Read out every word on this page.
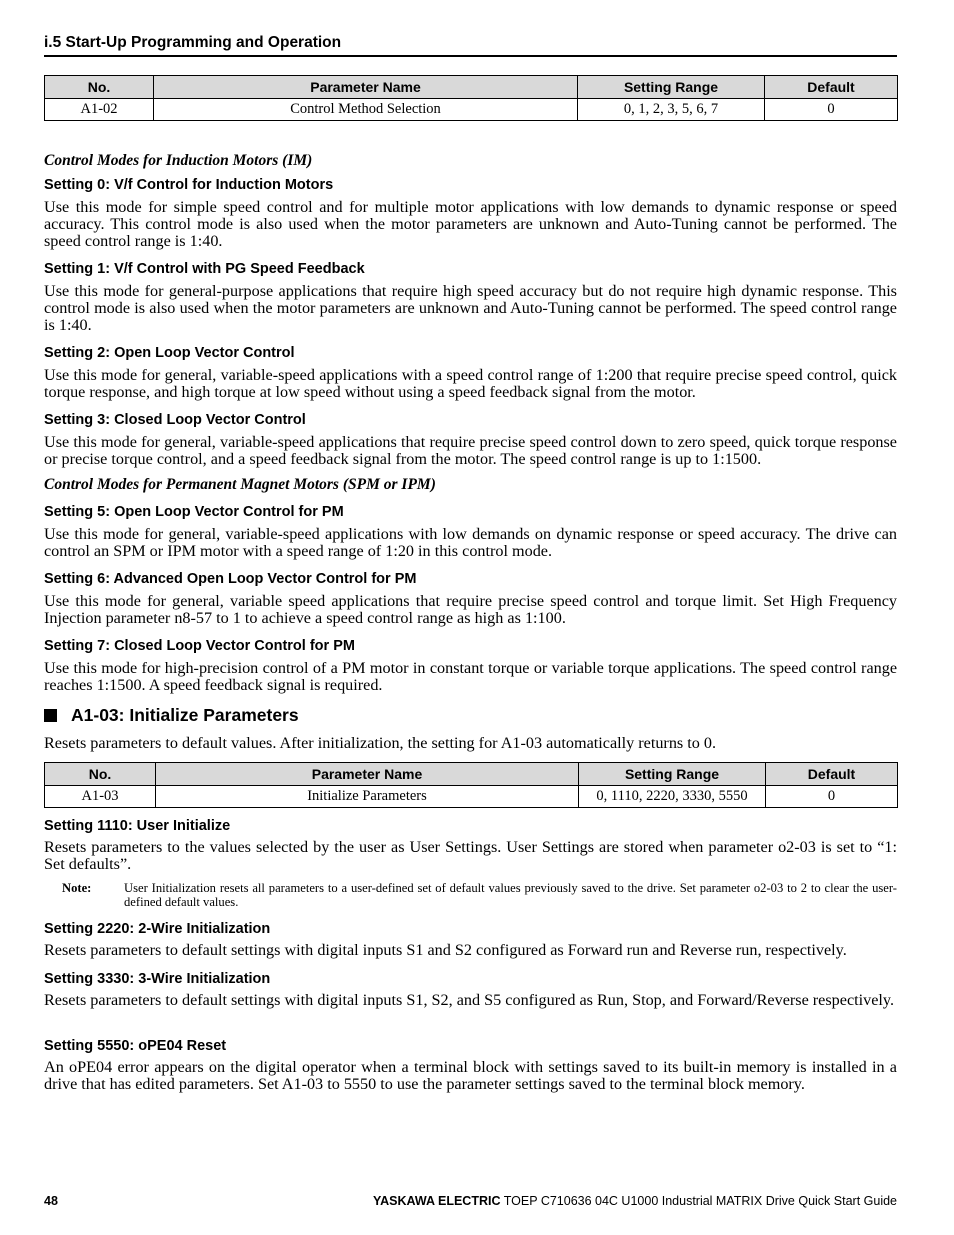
i.5 Start-Up Programming and Operation
No.	Parameter Name	Setting Range	Default
A1-02	Control Method Selection	0, 1, 2, 3, 5, 6, 7	0
Control Modes for Induction Motors (IM)
Setting 0: V/f Control for Induction Motors
Use this mode for simple speed control and for multiple motor applications with low demands to dynamic response or speed accuracy. This control mode is also used when the motor parameters are unknown and Auto-Tuning cannot be performed. The speed control range is 1:40.
Setting 1: V/f Control with PG Speed Feedback
Use this mode for general-purpose applications that require high speed accuracy but do not require high dynamic response. This control mode is also used when the motor parameters are unknown and Auto-Tuning cannot be performed. The speed control range is 1:40.
Setting 2: Open Loop Vector Control
Use this mode for general, variable-speed applications with a speed control range of 1:200 that require precise speed control, quick torque response, and high torque at low speed without using a speed feedback signal from the motor.
Setting 3: Closed Loop Vector Control
Use this mode for general, variable-speed applications that require precise speed control down to zero speed, quick torque response or precise torque control, and a speed feedback signal from the motor. The speed control range is up to 1:1500.
Control Modes for Permanent Magnet Motors (SPM or IPM)
Setting 5: Open Loop Vector Control for PM
Use this mode for general, variable-speed applications with low demands on dynamic response or speed accuracy. The drive can control an SPM or IPM motor with a speed range of 1:20 in this control mode.
Setting 6: Advanced Open Loop Vector Control for PM
Use this mode for general, variable speed applications that require precise speed control and torque limit. Set High Frequency Injection parameter n8-57 to 1 to achieve a speed control range as high as 1:100.
Setting 7: Closed Loop Vector Control for PM
Use this mode for high-precision control of a PM motor in constant torque or variable torque applications. The speed control range reaches 1:1500. A speed feedback signal is required.
A1-03: Initialize Parameters
Resets parameters to default values. After initialization, the setting for A1-03 automatically returns to 0.
No.	Parameter Name	Setting Range	Default
A1-03	Initialize Parameters	0, 1110, 2220, 3330, 5550	0
Setting 1110: User Initialize
Resets parameters to the values selected by the user as User Settings. User Settings are stored when parameter o2-03 is set to “1: Set defaults”.
Note:	User Initialization resets all parameters to a user-defined set of default values previously saved to the drive. Set parameter o2-03 to 2 to clear the user-defined default values.
Setting 2220: 2-Wire Initialization
Resets parameters to default settings with digital inputs S1 and S2 configured as Forward run and Reverse run, respectively.
Setting 3330: 3-Wire Initialization
Resets parameters to default settings with digital inputs S1, S2, and S5 configured as Run, Stop, and Forward/Reverse respectively.
Setting 5550: oPE04 Reset
An oPE04 error appears on the digital operator when a terminal block with settings saved to its built-in memory is installed in a drive that has edited parameters. Set A1-03 to 5550 to use the parameter settings saved to the terminal block memory.
48	YASKAWA ELECTRIC TOEP C710636 04C U1000 Industrial MATRIX Drive Quick Start Guide
